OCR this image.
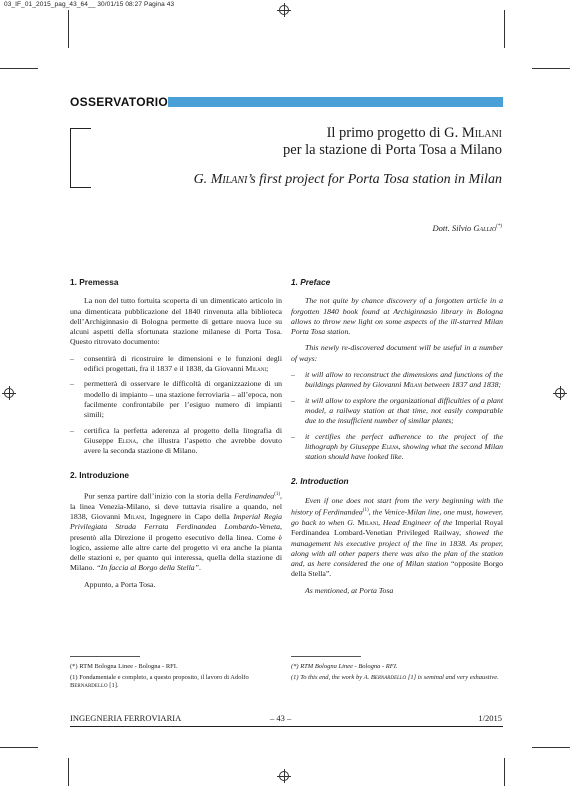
03_IF_01_2015_pag_43_64__ 30/01/15 08:27 Pagina 43
OSSERVATORIO
Il primo progetto di G. Milani
per la stazione di Porta Tosa a Milano
G. Milani’s first project for Porta Tosa station in Milan
Dott. Silvio Gallio(*)
1. Premessa

La non del tutto fortuita scoperta di un dimenticato articolo in una dimenticata pubblicazione del 1840 rinvenuta alla biblioteca dell’Archiginnasio di Bologna permette di gettare nuova luce su alcuni aspetti della sfortunata stazione milanese di Porta Tosa. Questo ritrovato documento:

– consentirà di ricostruire le dimensioni e le funzioni degli edifici progettati, fra il 1837 e il 1838, da Giovanni Milani;
– permetterà di osservare le difficoltà di organizzazione di un modello di impianto – una stazione ferroviaria – all’epoca, non facilmente confrontabile per l’esiguo numero di impianti simili;
– certifica la perfetta aderenza al progetto della litografia di Giuseppe Elena, che illustra l’aspetto che avrebbe dovuto avere la seconda stazione di Milano.
2. Introduzione

Pur senza partire dall’inizio con la storia della Ferdinandea$^{(1)}$, la linea Venezia-Milano, si deve tuttavia risalire a quando, nel 1838, Giovanni Milani, Ingegnere in Capo della Imperial Regia Privilegiata Strada Ferrata Ferdinandea Lombardo-Veneta, presentò alla Direzione il progetto esecutivo della linea. Come è logico, assieme alle altre carte del progetto vi era anche la pianta delle stazioni e, per quanto qui interessa, quella della stazione di Milano. “In faccia al Borgo della Stella”.

Appunto, a Porta Tosa.

(*) RTM Bologna Linee - Bologna - RFI.
(1) Fondamentale e completo, a questo proposito, il lavoro di Adolfo Bernardello [1].
1. Preface

The not quite by chance discovery of a forgotten article in a forgotten 1840 book found at Archiginnasio library in Bologna allows to throw new light on some aspects of the ill-starred Milan Porta Tosa station.

This newly re-discovered document will be useful in a number of ways:

– it will allow to reconstruct the dimensions and functions of the buildings planned by Giovanni Milani between 1837 and 1838;
– it will allow to explore the organizational difficulties of a plant model, a railway station at that time, not easily comparable due to the insufficient number of similar plants;
– it certifies the perfect adherence to the project of the lithograph by Giuseppe Elena, showing what the second Milan station should have looked like.
2. Introduction

Even if one does not start from the very beginning with the history of Ferdinandea$^{(1)}$, the Venice-Milan line, one must, however, go back to when G. Milani, Head Engineer of the Imperial Royal Ferdinandea Lombard-Venetian Privileged Railway, showed the management his executive project of the line in 1838. As proper, along with all other papers there was also the plan of the station and, as here considered the one of Milan station “opposite Borgo della Stella”.

As mentioned, at Porta Tosa

(*) RTM Bologna Linee - Bologna - RFI.
(1) To this end, the work by A. Bernardello [1] is seminal and very exhaustive.
INGEGNERIA FERROVIARIA	– 43 –	1/2015
